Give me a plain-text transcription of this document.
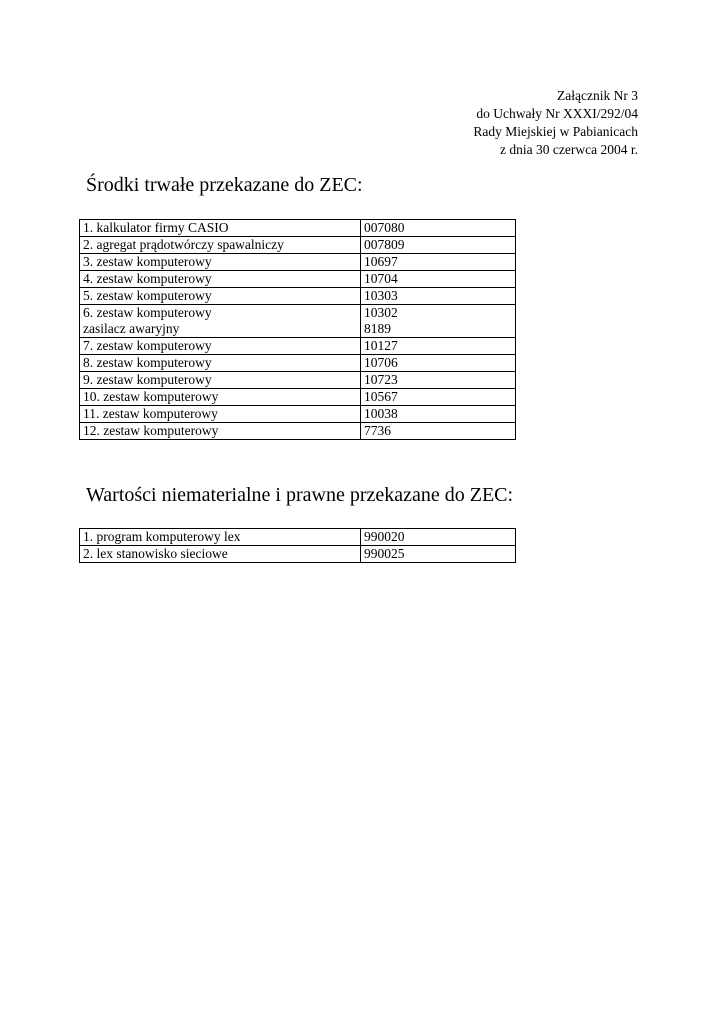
Załącznik Nr 3
do Uchwały Nr XXXI/292/04
Rady Miejskiej w Pabianicach
z dnia 30 czerwca 2004 r.
Środki trwałe przekazane do ZEC:
1. kalkulator firmy CASIO	007080

2. agregat prądotwórczy spawalniczy	007809

3. zestaw komputerowy	10697

4. zestaw komputerowy	10704

5. zestaw komputerowy	10303

6. zestaw komputerowy
zasilacz awaryjny	10302
8189

7. zestaw komputerowy	10127

8. zestaw komputerowy	10706

9. zestaw komputerowy	10723

10. zestaw komputerowy	10567

11. zestaw komputerowy	10038

12. zestaw komputerowy	7736
Wartości niematerialne i prawne przekazane do ZEC:
1. program komputerowy lex	990020

2. lex stanowisko sieciowe	990025
